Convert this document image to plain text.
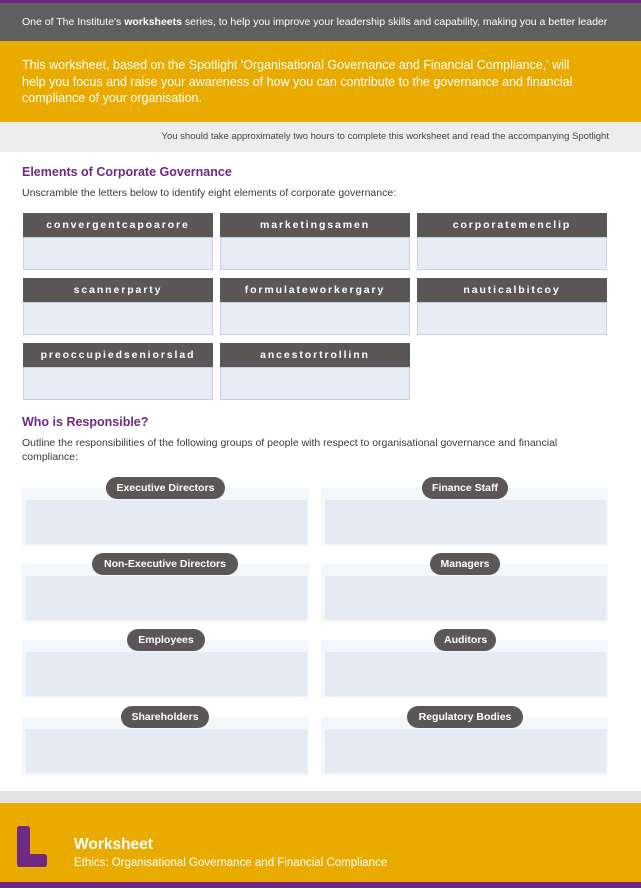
One of The Institute's worksheets series, to help you improve your leadership skills and capability, making you a better leader

This worksheet, based on the Spotlight 'Organisational Governance and Financial Compliance,' will help you focus and raise your awareness of how you can contribute to the governance and financial compliance of your organisation.

You should take approximately two hours to complete this worksheet and read the accompanying Spotlight
Elements of Corporate Governance
Unscramble the letters below to identify eight elements of corporate governance:
convergentcapoarore	marketingsamen	corporatemenclip
scannerparty	formulateworkergary	nauticalbitcoy
preoccupiedseniorslad	ancestortrollinn
Who is Responsible?
Outline the responsibilities of the following groups of people with respect to organisational governance and financial compliance:
Executive Directors	Finance Staff
Non-Executive Directors	Managers
Employees	Auditors
Shareholders	Regulatory Bodies
Worksheet
Ethics: Organisational Governance and Financial Compliance
